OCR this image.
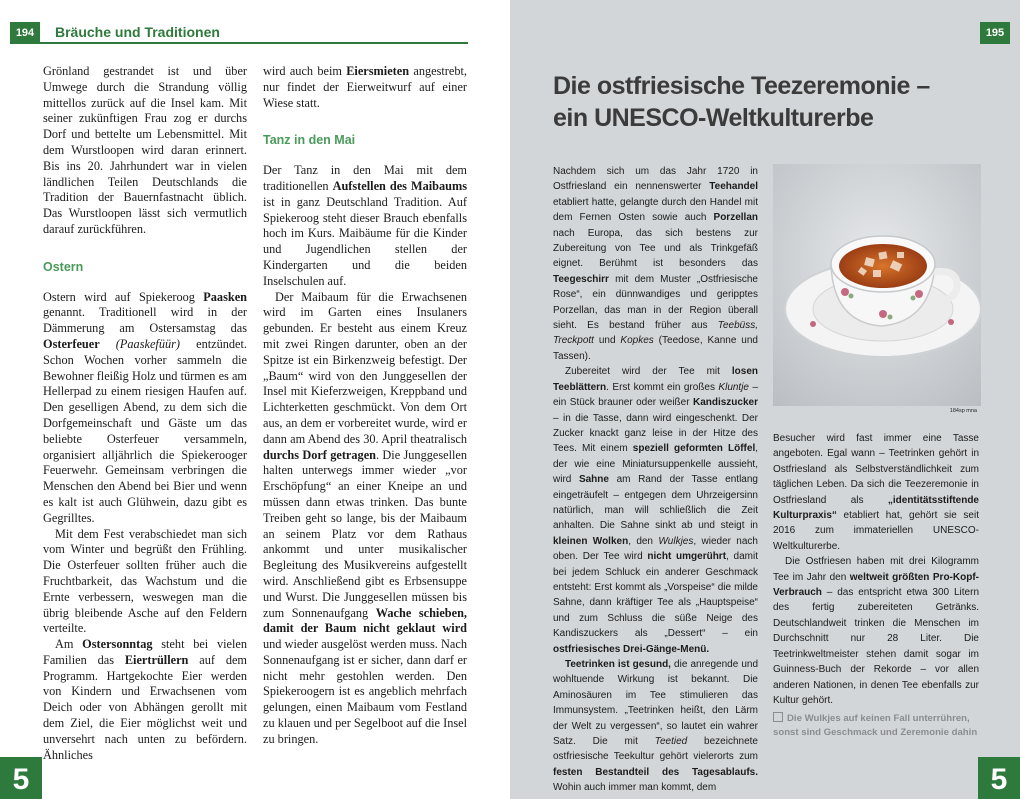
194	Bräuche und Traditionen

Grönland gestrandet ist und über Umwege durch die Strandung völlig mittellos zurück auf die Insel kam. Mit seiner zukünftigen Frau zog er durchs Dorf und bettelte um Lebensmittel. Mit dem Wurstloopen wird daran erinnert. Bis ins 20. Jahrhundert war in vielen ländlichen Teilen Deutschlands die Tradition der Bauernfastnacht üblich. Das Wurstloopen lässt sich vermutlich darauf zurückführen.

Ostern

Ostern wird auf Spiekeroog Paasken genannt. Traditionell wird in der Dämmerung am Ostersamstag das Osterfeuer (Paaskefüür) entzündet. Schon Wochen vorher sammeln die Bewohner fleißig Holz und türmen es am Hellerpad zu einem riesigen Haufen auf. Den geselligen Abend, zu dem sich die Dorfgemeinschaft und Gäste um das beliebte Osterfeuer versammeln, organisiert alljährlich die Spiekerooger Feuerwehr. Gemeinsam verbringen die Menschen den Abend bei Bier und wenn es kalt ist auch Glühwein, dazu gibt es Gegrilltes.

Mit dem Fest verabschiedet man sich vom Winter und begrüßt den Frühling. Die Osterfeuer sollten früher auch die Fruchtbarkeit, das Wachstum und die Ernte verbessern, weswegen man die übrig bleibende Asche auf den Feldern verteilte.

Am Ostersonntag steht bei vielen Familien das Eiertrüllern auf dem Programm. Hartgekochte Eier werden von Kindern und Erwachsenen vom Deich oder von Abhängen gerollt mit dem Ziel, die Eier möglichst weit und unversehrt nach unten zu befördern. Ähnliches

wird auch beim Eiersmieten angestrebt, nur findet der Eierweitwurf auf einer Wiese statt.

Tanz in den Mai

Der Tanz in den Mai mit dem traditionellen Aufstellen des Maibaums ist in ganz Deutschland Tradition. Auf Spiekeroog steht dieser Brauch ebenfalls hoch im Kurs. Maibäume für die Kinder und Jugendlichen stellen der Kindergarten und die beiden Inselschulen auf.

Der Maibaum für die Erwachsenen wird im Garten eines Insulaners gebunden. Er besteht aus einem Kreuz mit zwei Ringen darunter, oben an der Spitze ist ein Birkenzweig befestigt. Der „Baum“ wird von den Junggesellen der Insel mit Kieferzweigen, Kreppband und Lichterketten geschmückt. Von dem Ort aus, an dem er vorbereitet wurde, wird er dann am Abend des 30. April theatralisch durchs Dorf getragen. Die Junggesellen halten unterwegs immer wieder „vor Erschöpfung“ an einer Kneipe an und müssen dann etwas trinken. Das bunte Treiben geht so lange, bis der Maibaum an seinem Platz vor dem Rathaus ankommt und unter musikalischer Begleitung des Musikvereins aufgestellt wird. Anschließend gibt es Erbsensuppe und Wurst. Die Junggesellen müssen bis zum Sonnenaufgang Wache schieben, damit der Baum nicht geklaut wird und wieder ausgelöst werden muss. Nach Sonnenaufgang ist er sicher, dann darf er nicht mehr gestohlen werden. Den Spiekeroogern ist es angeblich mehrfach gelungen, einen Maibaum vom Festland zu klauen und per Segelboot auf die Insel zu bringen.

5
195
Die ostfriesische Teezeremonie –
ein UNESCO-Weltkulturerbe

Nachdem sich um das Jahr 1720 in Ostfriesland ein nennenswerter Teehandel etabliert hatte, gelangte durch den Handel mit dem Fernen Osten sowie auch Porzellan nach Europa, das sich bestens zur Zubereitung von Tee und als Trinkgefäß eignet. Berühmt ist besonders das Teegeschirr mit dem Muster „Ostfriesische Rose“, ein dünnwandiges und geripptes Porzellan, das man in der Region überall sieht. Es bestand früher aus Teebüss, Treckpott und Kopkes (Teedose, Kanne und Tassen).

Zubereitet wird der Tee mit losen Teeblättern. Erst kommt ein großes Kluntje – ein Stück brauner oder weißer Kandiszucker – in die Tasse, dann wird eingeschenkt. Der Zucker knackt ganz leise in der Hitze des Tees. Mit einem speziell geformten Löffel, der wie eine Miniatursuppenkelle aussieht, wird Sahne am Rand der Tasse entlang eingeträufelt – entgegen dem Uhrzeigersinn natürlich, man will schließlich die Zeit anhalten. Die Sahne sinkt ab und steigt in kleinen Wolken, den Wulkjes, wieder nach oben. Der Tee wird nicht umgerührt, damit bei jedem Schluck ein anderer Geschmack entsteht: Erst kommt als „Vorspeise“ die milde Sahne, dann kräftiger Tee als „Hauptspeise“ und zum Schluss die süße Neige des Kandiszuckers als „Dessert“ – ein ostfriesisches Drei-Gänge-Menü.

Teetrinken ist gesund, die anregende und wohltuende Wirkung ist bekannt. Die Aminosäuren im Tee stimulieren das Immunsystem. „Teetrinken heißt, den Lärm der Welt zu vergessen“, so lautet ein wahrer Satz. Die mit Teetied bezeichnete ostfriesische Teekultur gehört vielerorts zum festen Bestandteil des Tagesablaufs. Wohin auch immer man kommt, dem

184sp mna

Besucher wird fast immer eine Tasse angeboten. Egal wann – Teetrinken gehört in Ostfriesland als Selbstverständlichkeit zum täglichen Leben. Da sich die Teezeremonie in Ostfriesland als „identitätsstiftende Kulturpraxis“ etabliert hat, gehört sie seit 2016 zum immateriellen UNESCO-Weltkulturerbe.

Die Ostfriesen haben mit drei Kilogramm Tee im Jahr den weltweit größten Pro-Kopf-Verbrauch – das entspricht etwa 300 Litern des fertig zubereiteten Getränks. Deutschlandweit trinken die Menschen im Durchschnitt nur 28 Liter. Die Teetrinkweltmeister stehen damit sogar im Guinness-Buch der Rekorde – vor allen anderen Nationen, in denen Tee ebenfalls zur Kultur gehört.

Die Wulkjes auf keinen Fall unterrühren, sonst sind Geschmack und Zeremonie dahin
5
